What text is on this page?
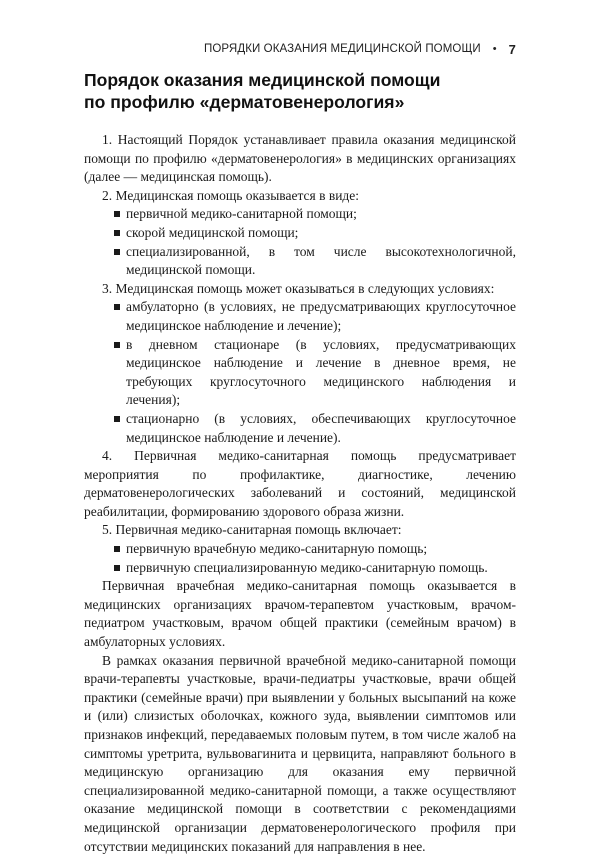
ПОРЯДКИ ОКАЗАНИЯ МЕДИЦИНСКОЙ ПОМОЩИ • 7
Порядок оказания медицинской помощи
по профилю «дерматовенерология»

1. Настоящий Порядок устанавливает правила оказания медицинской помощи по профилю «дерматовенерология» в медицинских организациях (далее — медицинская помощь).

2. Медицинская помощь оказывается в виде:

первичной медико-санитарной помощи;
скорой медицинской помощи;
специализированной, в том числе высокотехнологичной, медицинской помощи.

3. Медицинская помощь может оказываться в следующих условиях:

амбулаторно (в условиях, не предусматривающих круглосуточное медицинское наблюдение и лечение);
в дневном стационаре (в условиях, предусматривающих медицинское наблюдение и лечение в дневное время, не требующих круглосуточного медицинского наблюдения и лечения);
стационарно (в условиях, обеспечивающих круглосуточное медицинское наблюдение и лечение).

4. Первичная медико-санитарная помощь предусматривает мероприятия по профилактике, диагностике, лечению дерматовенерологических заболеваний и состояний, медицинской реабилитации, формированию здорового образа жизни.

5. Первичная медико-санитарная помощь включает:

первичную врачебную медико-санитарную помощь;
первичную специализированную медико-санитарную помощь.

Первичная врачебная медико-санитарная помощь оказывается в медицинских организациях врачом-терапевтом участковым, врачом-педиатром участковым, врачом общей практики (семейным врачом) в амбулаторных условиях.

В рамках оказания первичной врачебной медико-санитарной помощи врачи-терапевты участковые, врачи-педиатры участковые, врачи общей практики (семейные врачи) при выявлении у больных высыпаний на коже и (или) слизистых оболочках, кожного зуда, выявлении симптомов или признаков инфекций, передаваемых половым путем, в том числе жалоб на симптомы уретрита, вульвовагинита и цервицита, направляют больного в медицинскую организацию для оказания ему первичной специализированной медико-санитарной помощи, а также осуществляют оказание медицинской помощи в соответствии с рекомендациями медицинской организации дерматовенерологического профиля при отсутствии медицинских показаний для направления в нее.
